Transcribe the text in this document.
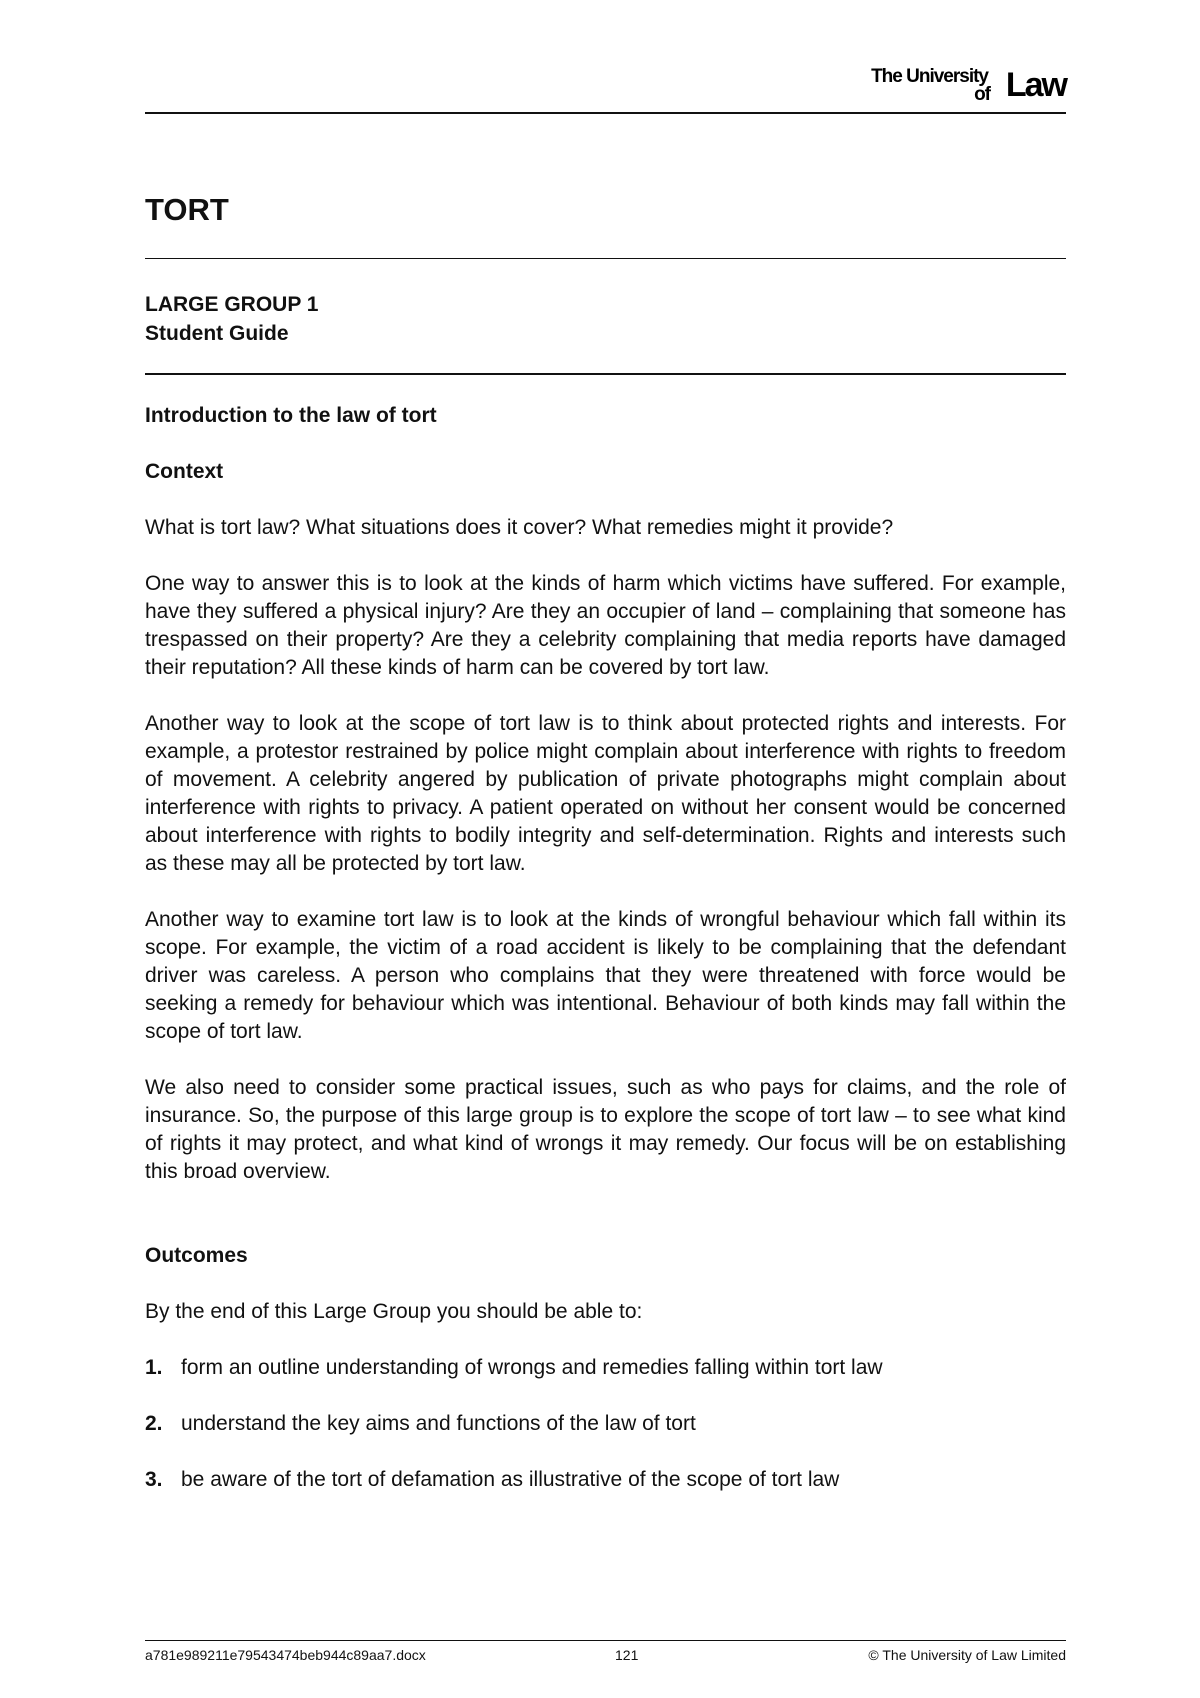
The University
of Law
TORT
LARGE GROUP 1
Student Guide
Introduction to the law of tort
Context

What is tort law? What situations does it cover? What remedies might it provide?

One way to answer this is to look at the kinds of harm which victims have suffered. For example, have they suffered a physical injury? Are they an occupier of land – complaining that someone has trespassed on their property? Are they a celebrity complaining that media reports have damaged their reputation? All these kinds of harm can be covered by tort law.

Another way to look at the scope of tort law is to think about protected rights and interests. For example, a protestor restrained by police might complain about interference with rights to freedom of movement. A celebrity angered by publication of private photographs might complain about interference with rights to privacy. A patient operated on without her consent would be concerned about interference with rights to bodily integrity and self-determination. Rights and interests such as these may all be protected by tort law.

Another way to examine tort law is to look at the kinds of wrongful behaviour which fall within its scope. For example, the victim of a road accident is likely to be complaining that the defendant driver was careless. A person who complains that they were threatened with force would be seeking a remedy for behaviour which was intentional. Behaviour of both kinds may fall within the scope of tort law.

We also need to consider some practical issues, such as who pays for claims, and the role of insurance. So, the purpose of this large group is to explore the scope of tort law – to see what kind of rights it may protect, and what kind of wrongs it may remedy. Our focus will be on establishing this broad overview.

Outcomes

By the end of this Large Group you should be able to:

1. form an outline understanding of wrongs and remedies falling within tort law
2. understand the key aims and functions of the law of tort
3. be aware of the tort of defamation as illustrative of the scope of tort law
a781e989211e79543474beb944c89aa7.docx	121	© The University of Law Limited
